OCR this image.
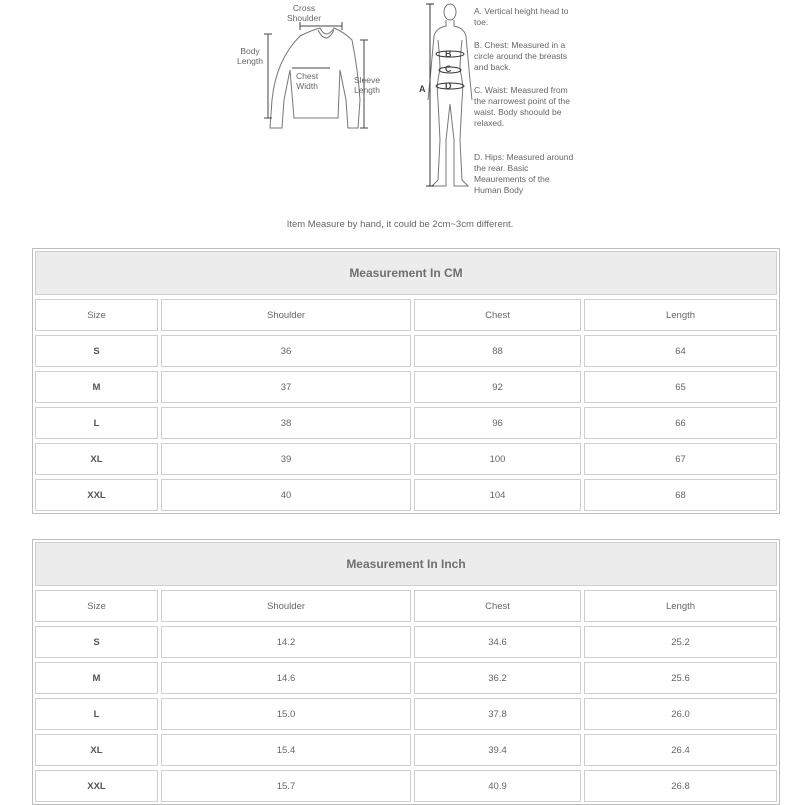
Cross
Shoulder
Body
Length
Chest
Width
Sleeve
Length	A
B
C
D
A. Vertical height head to toe.
B. Chest: Measured in a circle around the breasts and back.
C. Waist: Measured from the narrowest point of the waist. Body shoould be relaxed.
D. Hips: Measured around the rear. Basic Meaurements of the Human Body
Item Measure by hand, it could be 2cm~3cm different.
Measurement In CM
Size	Shoulder	Chest	Length
S	36	88	64
M	37	92	65
L	38	96	66
XL	39	100	67
XXL	40	104	68
Measurement In Inch
Size	Shoulder	Chest	Length
S	14.2	34.6	25.2
M	14.6	36.2	25.6
L	15.0	37.8	26.0
XL	15.4	39.4	26.4
XXL	15.7	40.9	26.8
